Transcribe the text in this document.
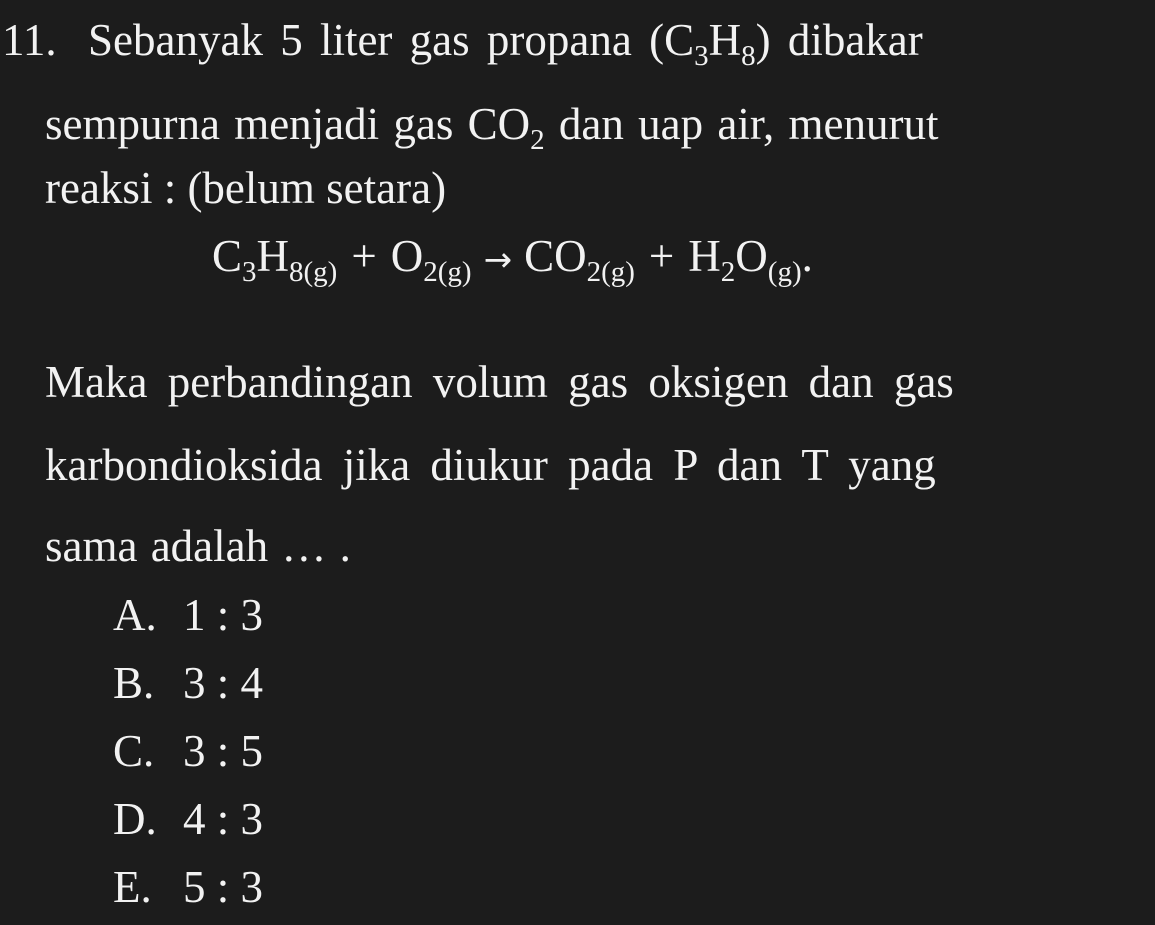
11. Sebanyak 5 liter gas propana $(C_3H_8)$ dibakar
sempurna menjadi gas $CO_2$ dan uap air, menurut
reaksi : (belum setara)
$C_3H_{8(g)} + O_{2(g)} \to CO_{2(g)} + H_2O_{(g)}$.
Maka perbandingan volum gas oksigen dan gas
karbondioksida jika diukur pada P dan T yang
sama adalah … .
A. 1 : 3
B. 3 : 4
C. 3 : 5
D. 4 : 3
E. 5 : 3
